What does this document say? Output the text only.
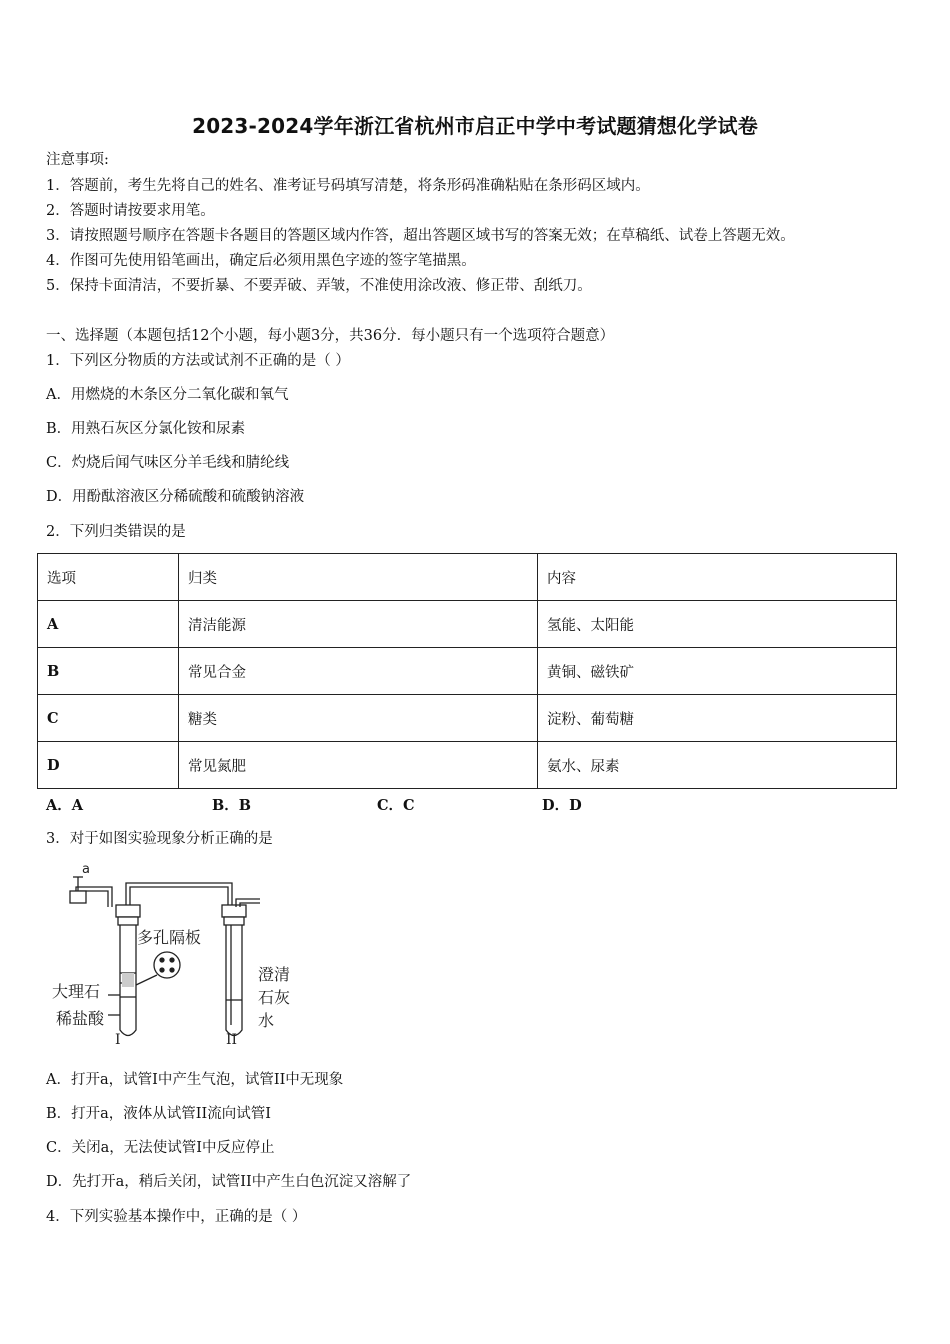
2023-2024学年浙江省杭州市启正中学中考试题猜想化学试卷
注意事项:
1．答题前，考生先将自己的姓名、准考证号码填写清楚，将条形码准确粘贴在条形码区域内。
2．答题时请按要求用笔。
3．请按照题号顺序在答题卡各题目的答题区域内作答，超出答题区域书写的答案无效；在草稿纸、试卷上答题无效。
4．作图可先使用铅笔画出，确定后必须用黑色字迹的签字笔描黑。
5．保持卡面清洁，不要折暴、不要弄破、弄皱，不准使用涂改液、修正带、刮纸刀。
一、选择题（本题包括12个小题，每小题3分，共36分．每小题只有一个选项符合题意）
1．下列区分物质的方法或试剂不正确的是（ ）
A．用燃烧的木条区分二氧化碳和氧气
B．用熟石灰区分氯化铵和尿素
C．灼烧后闻气味区分羊毛线和腈纶线
D．用酚酞溶液区分稀硫酸和硫酸钠溶液
2．下列归类错误的是
选项	归类	内容
A	清洁能源	氢能、太阳能
B	常见合金	黄铜、磁铁矿
C	糖类	淀粉、葡萄糖
D	常见氮肥	氨水、尿素
A．A	B．B	C．C	D．D
3．对于如图实验现象分析正确的是
a
多孔隔板
大理石
稀盐酸
澄清
石灰
水
I	II
A．打开a，试管I中产生气泡，试管II中无现象
B．打开a，液体从试管II流向试管I
C．关闭a，无法使试管I中反应停止
D．先打开a，稍后关闭，试管II中产生白色沉淀又溶解了
4．下列实验基本操作中，正确的是（ ）
